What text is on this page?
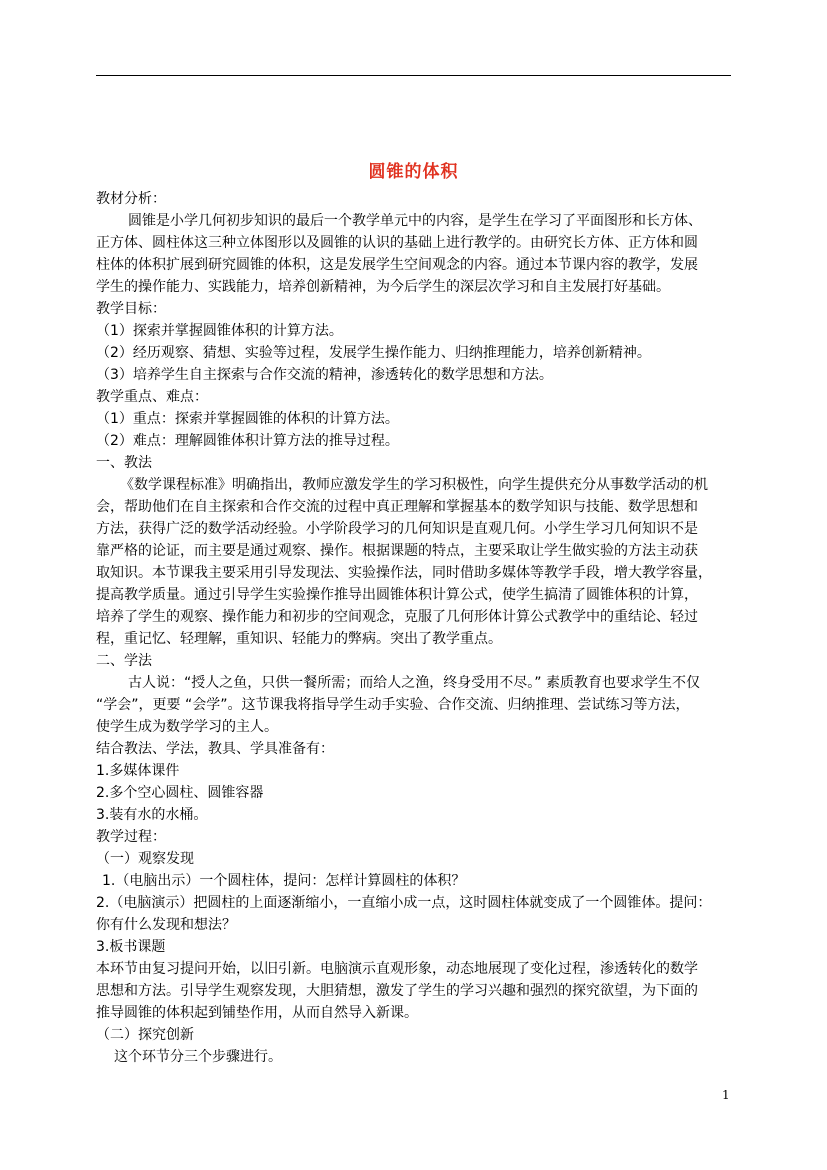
圆锥的体积
教材分析：
圆锥是小学几何初步知识的最后一个教学单元中的内容，是学生在学习了平面图形和长方体、
正方体、圆柱体这三种立体图形以及圆锥的认识的基础上进行教学的。由研究长方体、正方体和圆
柱体的体积扩展到研究圆锥的体积，这是发展学生空间观念的内容。通过本节课内容的教学，发展
学生的操作能力、实践能力，培养创新精神，为今后学生的深层次学习和自主发展打好基础。
教学目标：
（1）探索并掌握圆锥体积的计算方法。
（2）经历观察、猜想、实验等过程，发展学生操作能力、归纳推理能力，培养创新精神。
（3）培养学生自主探索与合作交流的精神，渗透转化的数学思想和方法。
教学重点、难点：
（1）重点：探索并掌握圆锥的体积的计算方法。
（2）难点：理解圆锥体积计算方法的推导过程。
一、教法
《数学课程标准》明确指出，教师应激发学生的学习积极性，向学生提供充分从事数学活动的机
会，帮助他们在自主探索和合作交流的过程中真正理解和掌握基本的数学知识与技能、数学思想和
方法，获得广泛的数学活动经验。小学阶段学习的几何知识是直观几何。小学生学习几何知识不是
靠严格的论证，而主要是通过观察、操作。根据课题的特点，主要采取让学生做实验的方法主动获
取知识。本节课我主要采用引导发现法、实验操作法，同时借助多媒体等教学手段，增大教学容量，
提高教学质量。通过引导学生实验操作推导出圆锥体积计算公式，使学生搞清了圆锥体积的计算，
培养了学生的观察、操作能力和初步的空间观念，克服了几何形体计算公式教学中的重结论、轻过
程，重记忆、轻理解，重知识、轻能力的弊病。突出了教学重点。
二、学法
古人说：“授人之鱼，只供一餐所需；而给人之渔，终身受用不尽。” 素质教育也要求学生不仅
“学会”，更要 “会学”。这节课我将指导学生动手实验、合作交流、归纳推理、尝试练习等方法，
使学生成为数学学习的主人。
结合教法、学法，教具、学具准备有：
1.多媒体课件
2.多个空心圆柱、圆锥容器
3.装有水的水桶。
教学过程：
（一）观察发现
1.（电脑出示）一个圆柱体，提问：怎样计算圆柱的体积？
2.（电脑演示）把圆柱的上面逐渐缩小，一直缩小成一点，这时圆柱体就变成了一个圆锥体。提问：
你有什么发现和想法？
3.板书课题
本环节由复习提问开始，以旧引新。电脑演示直观形象，动态地展现了变化过程，渗透转化的数学
思想和方法。引导学生观察发现，大胆猜想，激发了学生的学习兴趣和强烈的探究欲望，为下面的
推导圆锥的体积起到铺垫作用，从而自然导入新课。
（二）探究创新
这个环节分三个步骤进行。
1
